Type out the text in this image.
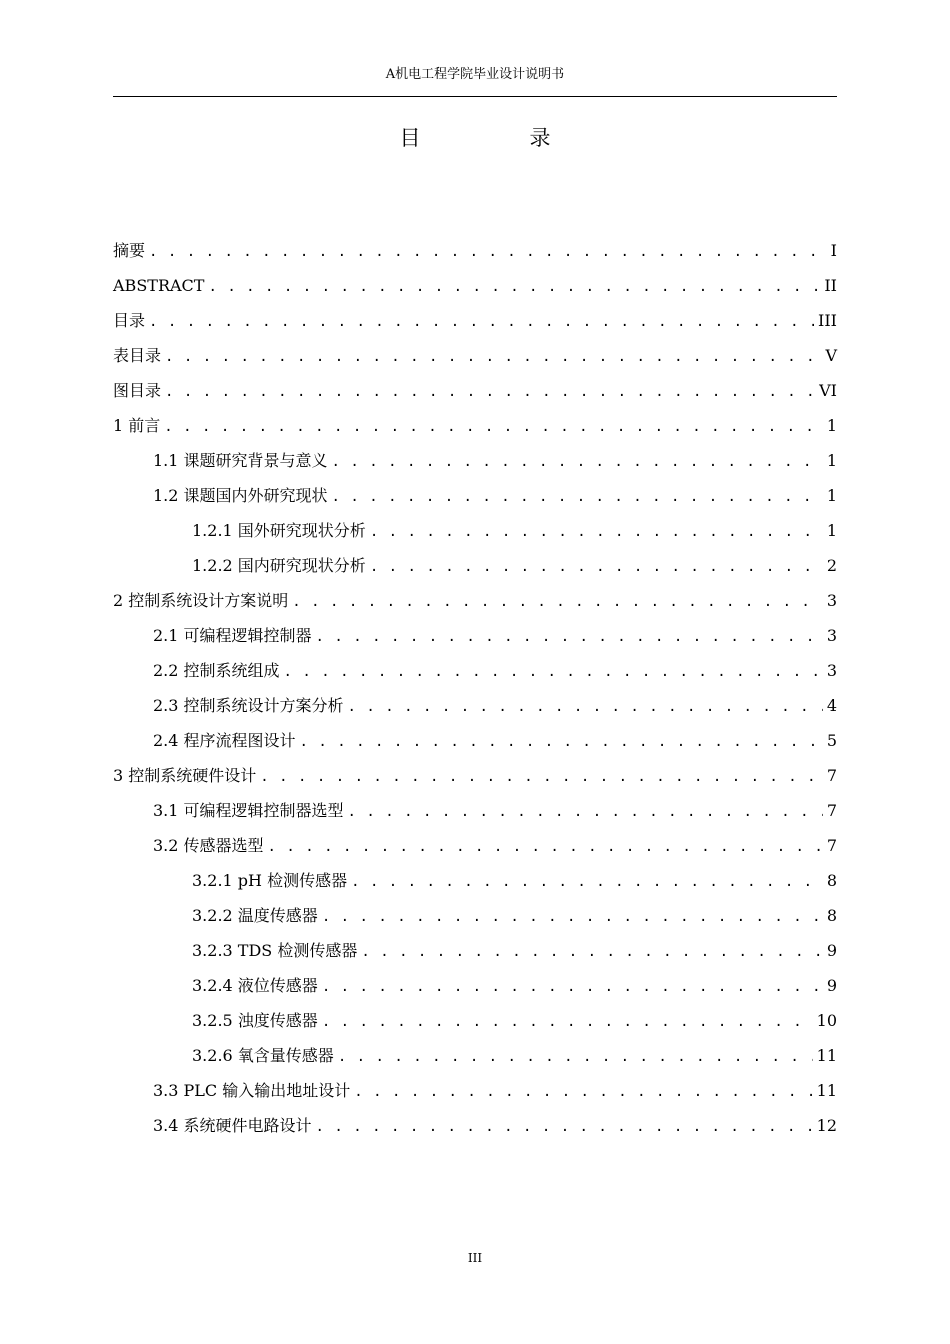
A机电工程学院毕业设计说明书
目　录
摘要 . . .	I
ABSTRACT . . .	II
目录 . . .	III
表目录 . . .	V
图目录 . . .	VI
1 前言 . . .	1
1.1 课题研究背景与意义 . . .	1
1.2 课题国内外研究现状 . . .	1
1.2.1 国外研究现状分析 . . .	1
1.2.2 国内研究现状分析 . . .	2
2 控制系统设计方案说明 . . .	3
2.1 可编程逻辑控制器 . . .	3
2.2 控制系统组成 . . .	3
2.3 控制系统设计方案分析 . . .	4
2.4 程序流程图设计 . . .	5
3 控制系统硬件设计 . . .	7
3.1 可编程逻辑控制器选型 . . .	7
3.2 传感器选型 . . .	7
3.2.1 pH 检测传感器 . . .	8
3.2.2 温度传感器 . . .	8
3.2.3 TDS 检测传感器 . . .	9
3.2.4 液位传感器 . . .	9
3.2.5 浊度传感器 . . .	10
3.2.6 氧含量传感器 . . .	11
3.3 PLC 输入输出地址设计 . . .	11
3.4 系统硬件电路设计 . . .	12
III
